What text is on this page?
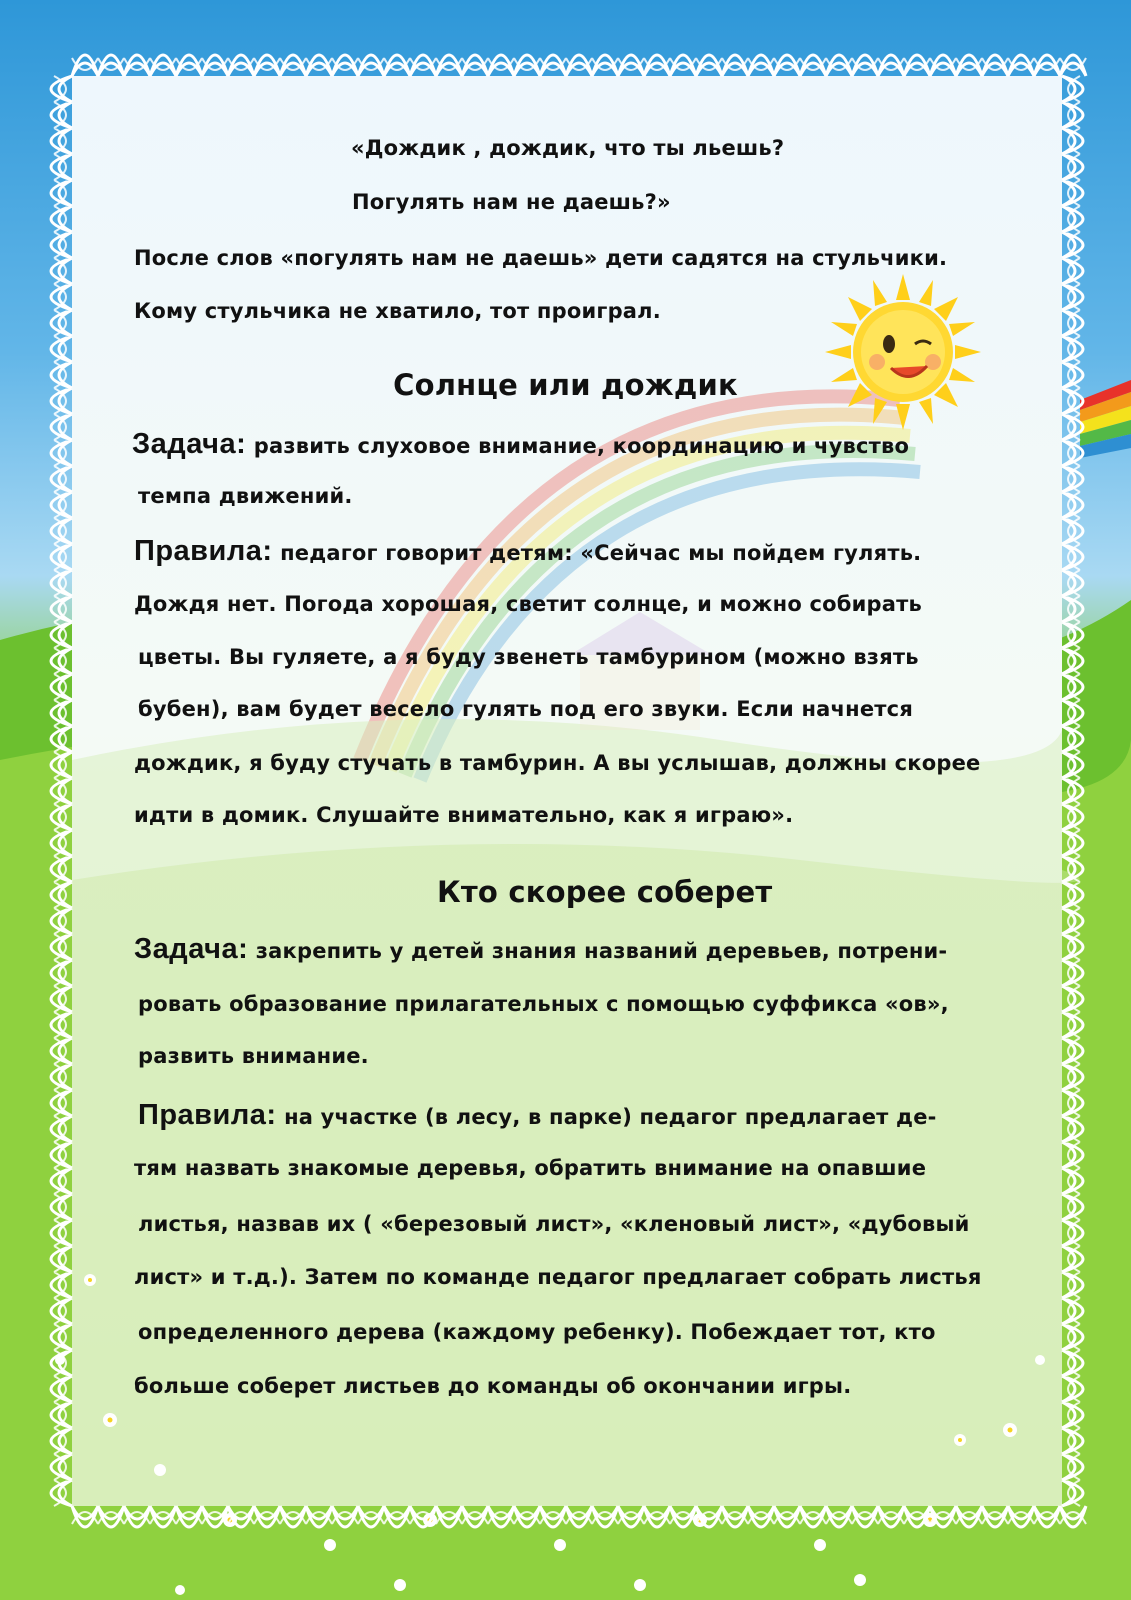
«Дождик , дождик, что ты льешь?
Погулять нам не даешь?»
После слов «погулять нам не даешь» дети садятся на стульчики.
Кому стульчика не хватило, тот проиграл.
Солнце или дождик
Задача: развить слуховое внимание, координацию и чувство
темпа движений.
Правила: педагог говорит детям: «Сейчас мы пойдем гулять.
Дождя нет. Погода хорошая, светит солнце, и можно собирать
цветы. Вы гуляете, а я буду звенеть тамбурином (можно взять
бубен), вам будет весело гулять под его звуки. Если начнется
дождик, я буду стучать в тамбурин. А вы услышав, должны скорее
идти в домик. Слушайте внимательно, как я играю».
Кто скорее соберет
Задача: закрепить у детей знания названий деревьев, потрени-
ровать образование прилагательных с помощью суффикса «ов»,
развить внимание.
Правила: на участке (в лесу, в парке) педагог предлагает де-
тям назвать знакомые деревья, обратить внимание на опавшие
листья, назвав их ( «березовый лист», «кленовый лист», «дубовый
лист» и т.д.). Затем по команде педагог предлагает собрать листья
определенного дерева (каждому ребенку). Побеждает тот, кто
больше соберет листьев до команды об окончании игры.
